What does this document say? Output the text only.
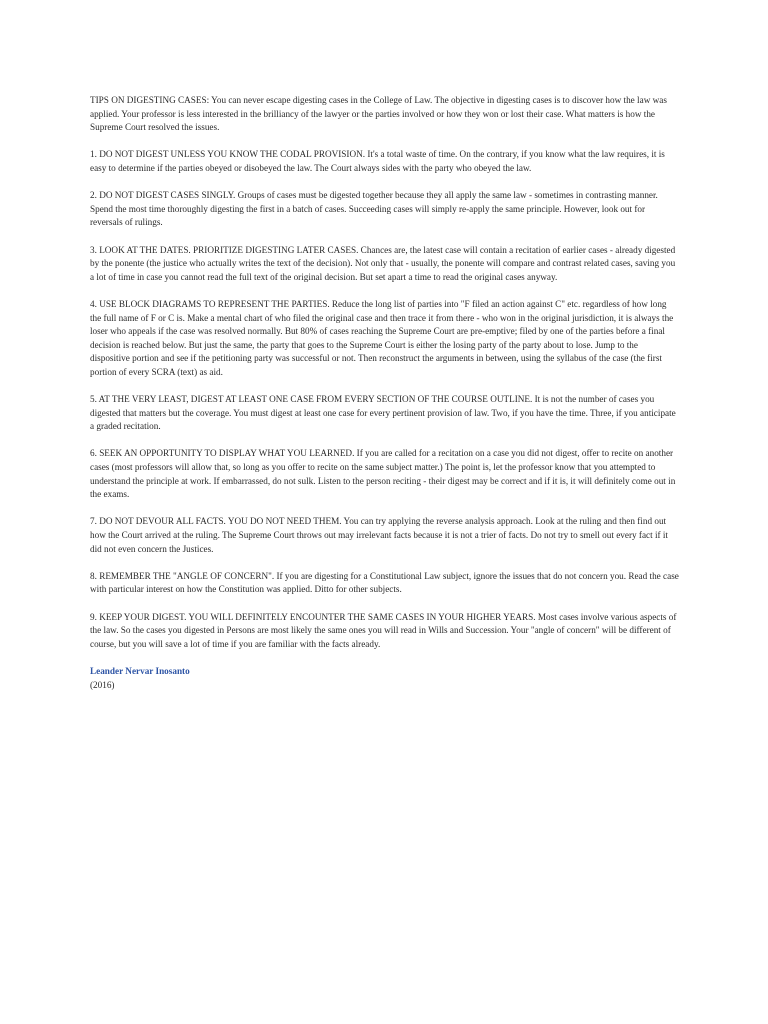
TIPS ON DIGESTING CASES: You can never escape digesting cases in the College of Law. The objective in digesting cases is to discover how the law was applied. Your professor is less interested in the brilliancy of the lawyer or the parties involved or how they won or lost their case. What matters is how the Supreme Court resolved the issues.

1. DO NOT DIGEST UNLESS YOU KNOW THE CODAL PROVISION. It's a total waste of time. On the contrary, if you know what the law requires, it is easy to determine if the parties obeyed or disobeyed the law. The Court always sides with the party who obeyed the law.

2. DO NOT DIGEST CASES SINGLY. Groups of cases must be digested together because they all apply the same law - sometimes in contrasting manner. Spend the most time thoroughly digesting the first in a batch of cases. Succeeding cases will simply re-apply the same principle. However, look out for reversals of rulings.

3. LOOK AT THE DATES. PRIORITIZE DIGESTING LATER CASES. Chances are, the latest case will contain a recitation of earlier cases - already digested by the ponente (the justice who actually writes the text of the decision). Not only that - usually, the ponente will compare and contrast related cases, saving you a lot of time in case you cannot read the full text of the original decision. But set apart a time to read the original cases anyway.

4. USE BLOCK DIAGRAMS TO REPRESENT THE PARTIES. Reduce the long list of parties into "F filed an action against C" etc. regardless of how long the full name of F or C is. Make a mental chart of who filed the original case and then trace it from there - who won in the original jurisdiction, it is always the loser who appeals if the case was resolved normally. But 80% of cases reaching the Supreme Court are pre-emptive; filed by one of the parties before a final decision is reached below. But just the same, the party that goes to the Supreme Court is either the losing party of the party about to lose. Jump to the dispositive portion and see if the petitioning party was successful or not. Then reconstruct the arguments in between, using the syllabus of the case (the first portion of every SCRA (text) as aid.

5. AT THE VERY LEAST, DIGEST AT LEAST ONE CASE FROM EVERY SECTION OF THE COURSE OUTLINE. It is not the number of cases you digested that matters but the coverage. You must digest at least one case for every pertinent provision of law. Two, if you have the time. Three, if you anticipate a graded recitation.

6. SEEK AN OPPORTUNITY TO DISPLAY WHAT YOU LEARNED. If you are called for a recitation on a case you did not digest, offer to recite on another cases (most professors will allow that, so long as you offer to recite on the same subject matter.) The point is, let the professor know that you attempted to understand the principle at work. If embarrassed, do not sulk. Listen to the person reciting - their digest may be correct and if it is, it will definitely come out in the exams.

7. DO NOT DEVOUR ALL FACTS. YOU DO NOT NEED THEM. You can try applying the reverse analysis approach. Look at the ruling and then find out how the Court arrived at the ruling. The Supreme Court throws out may irrelevant facts because it is not a trier of facts. Do not try to smell out every fact if it did not even concern the Justices.

8. REMEMBER THE "ANGLE OF CONCERN". If you are digesting for a Constitutional Law subject, ignore the issues that do not concern you. Read the case with particular interest on how the Constitution was applied. Ditto for other subjects.

9. KEEP YOUR DIGEST. YOU WILL DEFINITELY ENCOUNTER THE SAME CASES IN YOUR HIGHER YEARS. Most cases involve various aspects of the law. So the cases you digested in Persons are most likely the same ones you will read in Wills and Succession. Your "angle of concern" will be different of course, but you will save a lot of time if you are familiar with the facts already.

Leander Nervar Inosanto
(2016)
